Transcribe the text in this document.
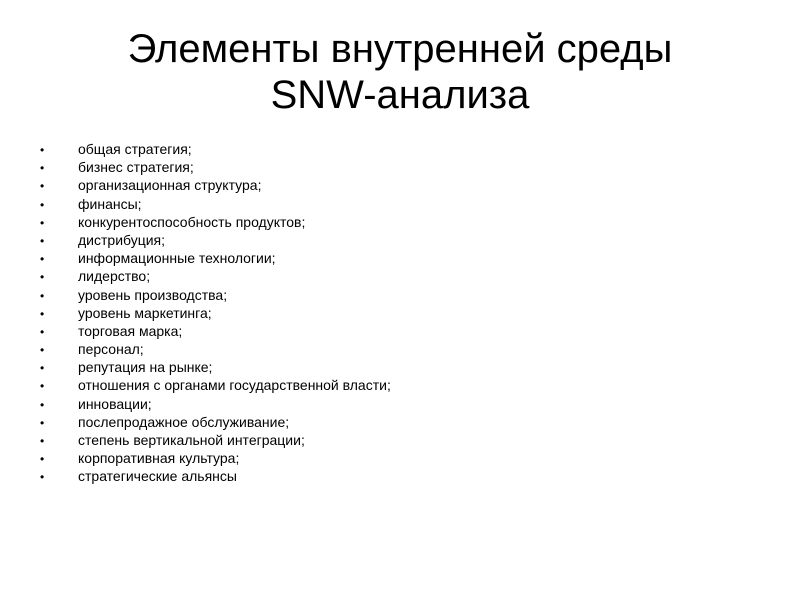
Элементы внутренней среды
SNW-анализа
•	общая стратегия;
•	бизнес стратегия;
•	организационная структура;
•	финансы;
•	конкурентоспособность продуктов;
•	дистрибуция;
•	информационные технологии;
•	лидерство;
•	уровень производства;
•	уровень маркетинга;
•	торговая марка;
•	персонал;
•	репутация на рынке;
•	отношения с органами государственной власти;
•	инновации;
•	послепродажное обслуживание;
•	степень вертикальной интеграции;
•	корпоративная культура;
•	стратегические альянсы
